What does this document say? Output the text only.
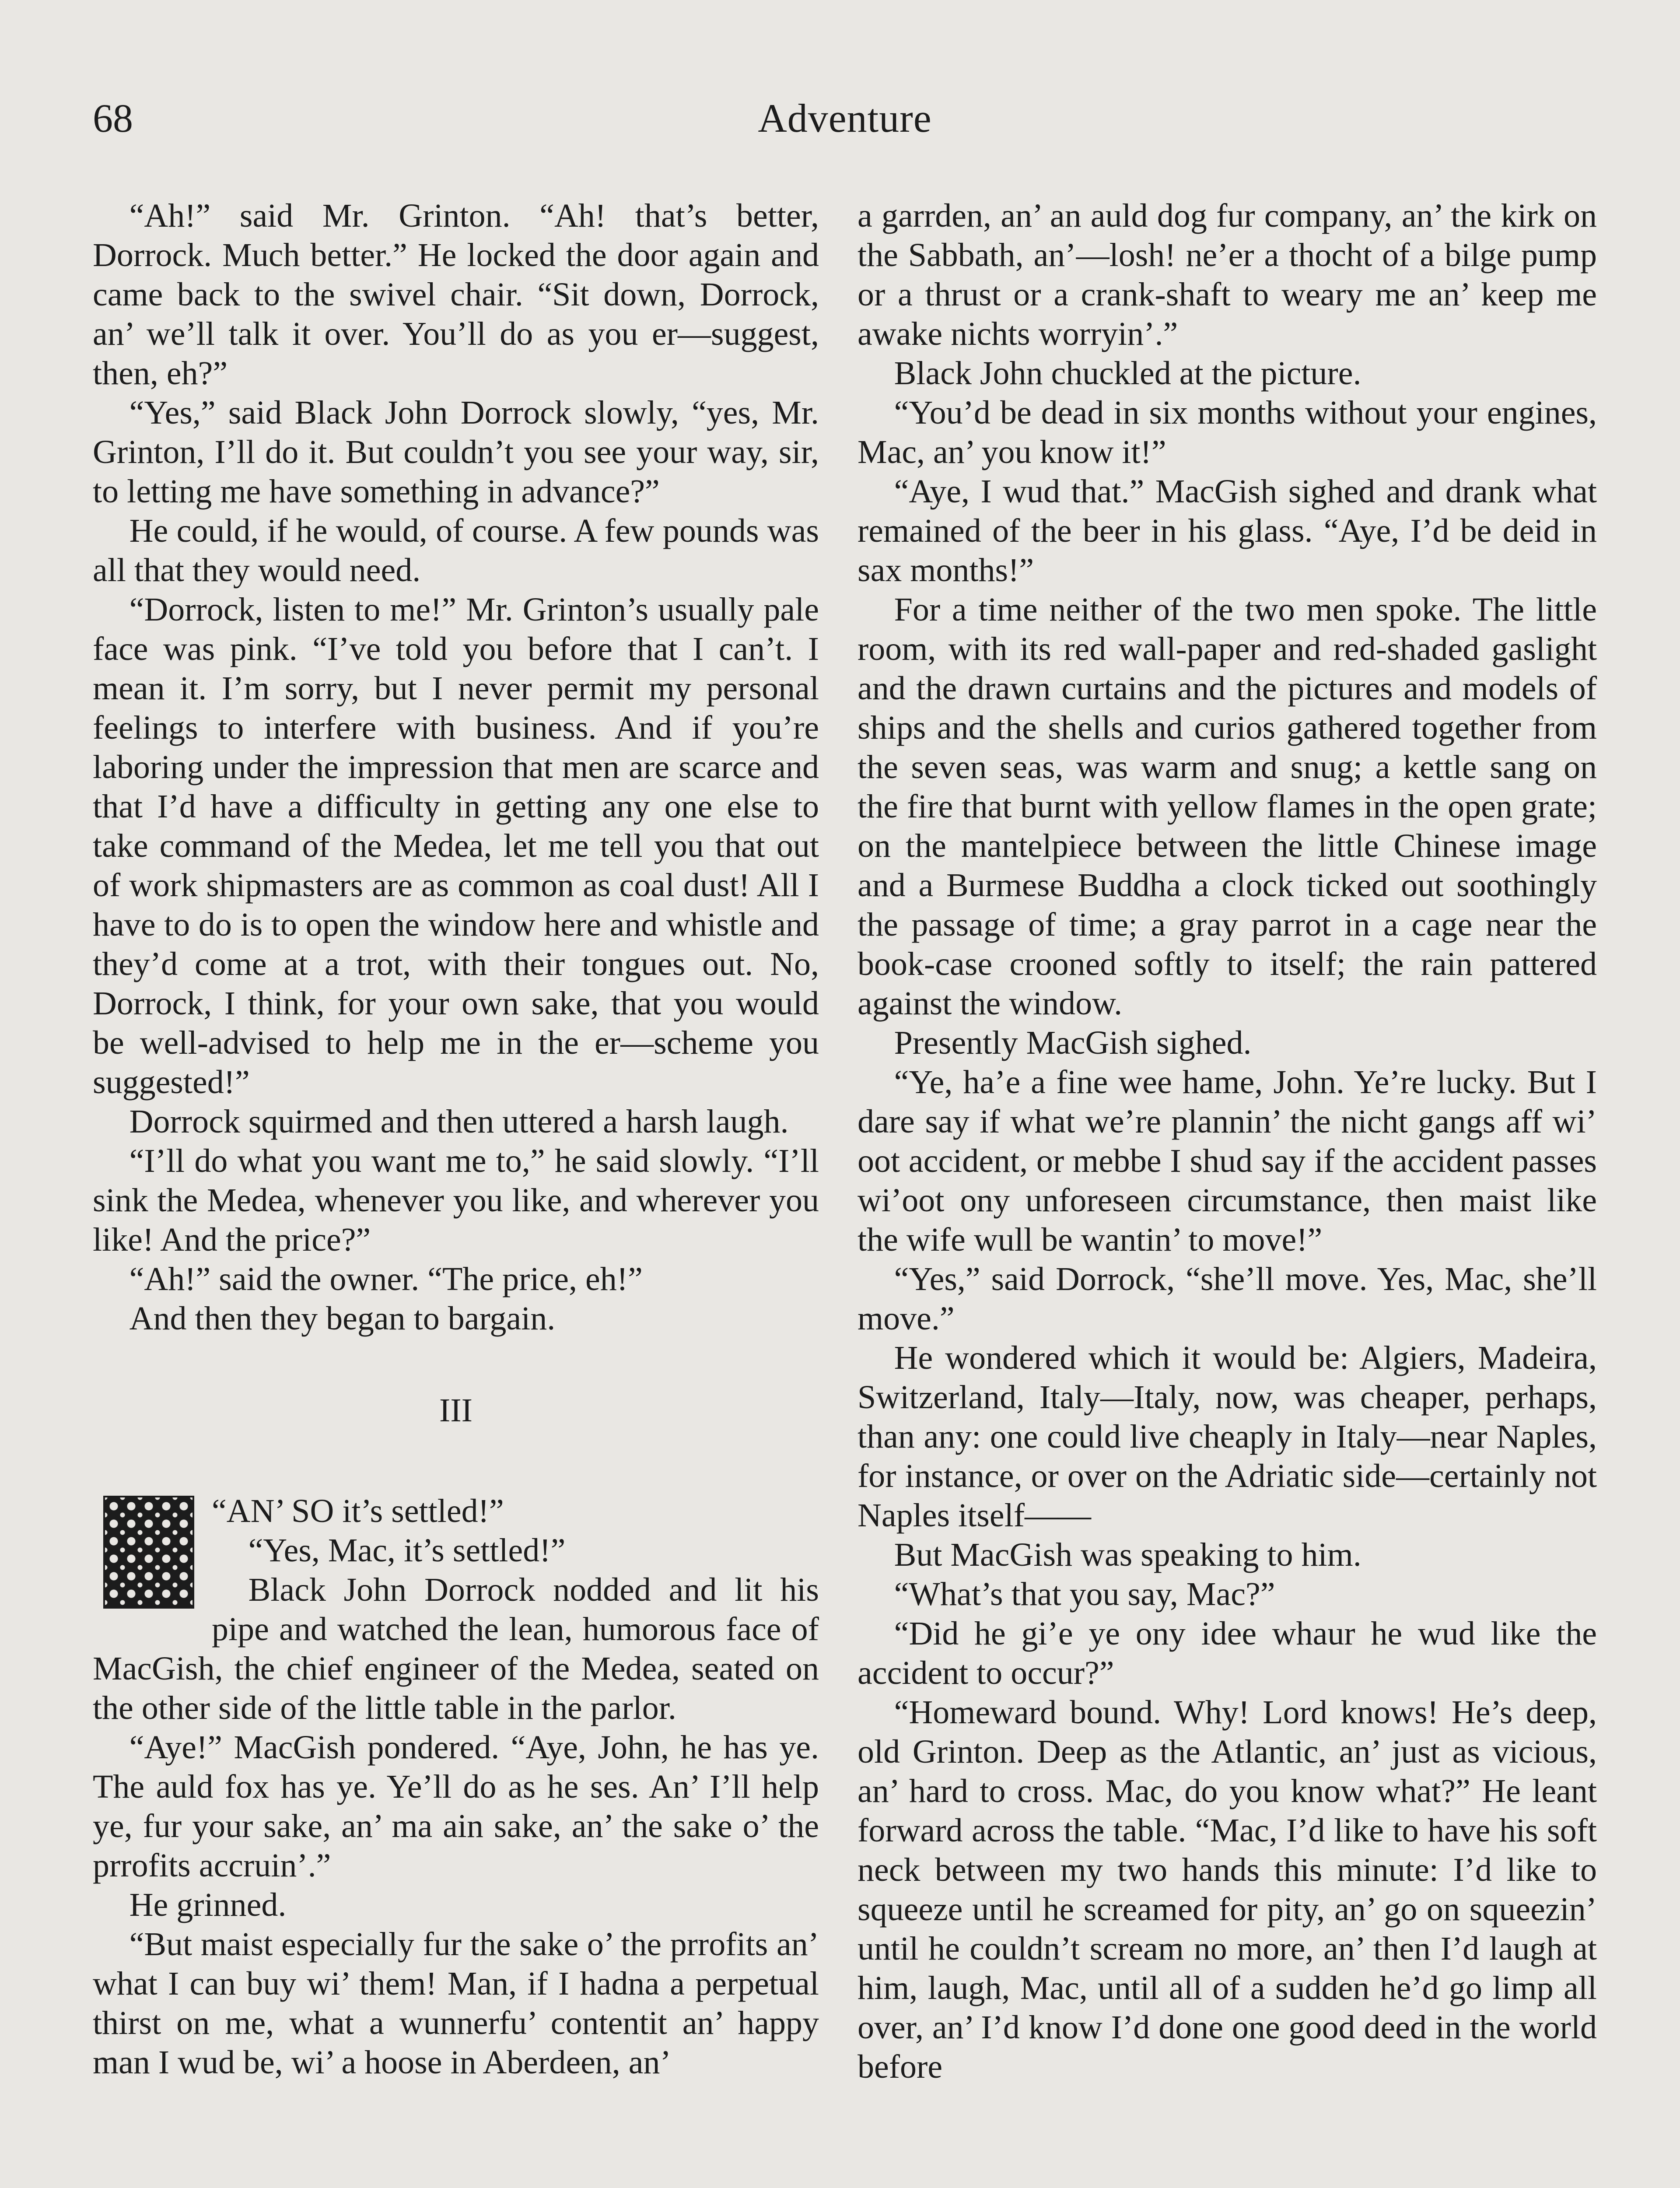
68	Adventure

“Ah!” said Mr. Grinton. “Ah! that’s better, Dorrock. Much better.” He locked the door again and came back to the swivel chair. “Sit down, Dorrock, an’ we’ll talk it over. You’ll do as you er—suggest, then, eh?”

“Yes,” said Black John Dorrock slowly, “yes, Mr. Grinton, I’ll do it. But couldn’t you see your way, sir, to letting me have something in advance?”

He could, if he would, of course. A few pounds was all that they would need.

“Dorrock, listen to me!” Mr. Grinton’s usually pale face was pink. “I’ve told you before that I can’t. I mean it. I’m sorry, but I never permit my personal feelings to interfere with business. And if you’re laboring under the impression that men are scarce and that I’d have a difficulty in getting any one else to take command of the Medea, let me tell you that out of work shipmasters are as common as coal dust! All I have to do is to open the window here and whistle and they’d come at a trot, with their tongues out. No, Dorrock, I think, for your own sake, that you would be well-advised to help me in the er—scheme you suggested!”

Dorrock squirmed and then uttered a harsh laugh.

“I’ll do what you want me to,” he said slowly. “I’ll sink the Medea, whenever you like, and wherever you like! And the price?”

“Ah!” said the owner. “The price, eh!”

And then they began to bargain.

III

“AN’ SO it’s settled!”

“Yes, Mac, it’s settled!”

Black John Dorrock nodded and lit his pipe and watched the lean, humorous face of MacGish, the chief engineer of the Medea, seated on the other side of the little table in the parlor.

“Aye!” MacGish pondered. “Aye, John, he has ye. The auld fox has ye. Ye’ll do as he ses. An’ I’ll help ye, fur your sake, an’ ma ain sake, an’ the sake o’ the prrofits accruin’.”

He grinned.

“But maist especially fur the sake o’ the prrofits an’ what I can buy wi’ them! Man, if I hadna a perpetual thirst on me, what a wunnerfu’ contentit an’ happy man I wud be, wi’ a hoose in Aberdeen, an’

a garrden, an’ an auld dog fur company, an’ the kirk on the Sabbath, an’—losh! ne’er a thocht of a bilge pump or a thrust or a crank-shaft to weary me an’ keep me awake nichts worryin’.”

Black John chuckled at the picture.

“You’d be dead in six months without your engines, Mac, an’ you know it!”

“Aye, I wud that.” MacGish sighed and drank what remained of the beer in his glass. “Aye, I’d be deid in sax months!”

For a time neither of the two men spoke. The little room, with its red wall-paper and red-shaded gaslight and the drawn curtains and the pictures and models of ships and the shells and curios gathered together from the seven seas, was warm and snug; a kettle sang on the fire that burnt with yellow flames in the open grate; on the mantelpiece between the little Chinese image and a Burmese Buddha a clock ticked out soothingly the passage of time; a gray parrot in a cage near the book-case crooned softly to itself; the rain pattered against the window.

Presently MacGish sighed.

“Ye, ha’e a fine wee hame, John. Ye’re lucky. But I dare say if what we’re plannin’ the nicht gangs aff wi’ oot accident, or mebbe I shud say if the accident passes wi’oot ony unforeseen circumstance, then maist like the wife wull be wantin’ to move!”

“Yes,” said Dorrock, “she’ll move. Yes, Mac, she’ll move.”

He wondered which it would be: Algiers, Madeira, Switzerland, Italy—Italy, now, was cheaper, perhaps, than any: one could live cheaply in Italy—near Naples, for instance, or over on the Adriatic side—certainly not Naples itself——

But MacGish was speaking to him.

“What’s that you say, Mac?”

“Did he gi’e ye ony idee whaur he wud like the accident to occur?”

“Homeward bound. Why! Lord knows! He’s deep, old Grinton. Deep as the Atlantic, an’ just as vicious, an’ hard to cross. Mac, do you know what?” He leant forward across the table. “Mac, I’d like to have his soft neck between my two hands this minute: I’d like to squeeze until he screamed for pity, an’ go on squeezin’ until he couldn’t scream no more, an’ then I’d laugh at him, laugh, Mac, until all of a sudden he’d go limp all over, an’ I’d know I’d done one good deed in the world before
